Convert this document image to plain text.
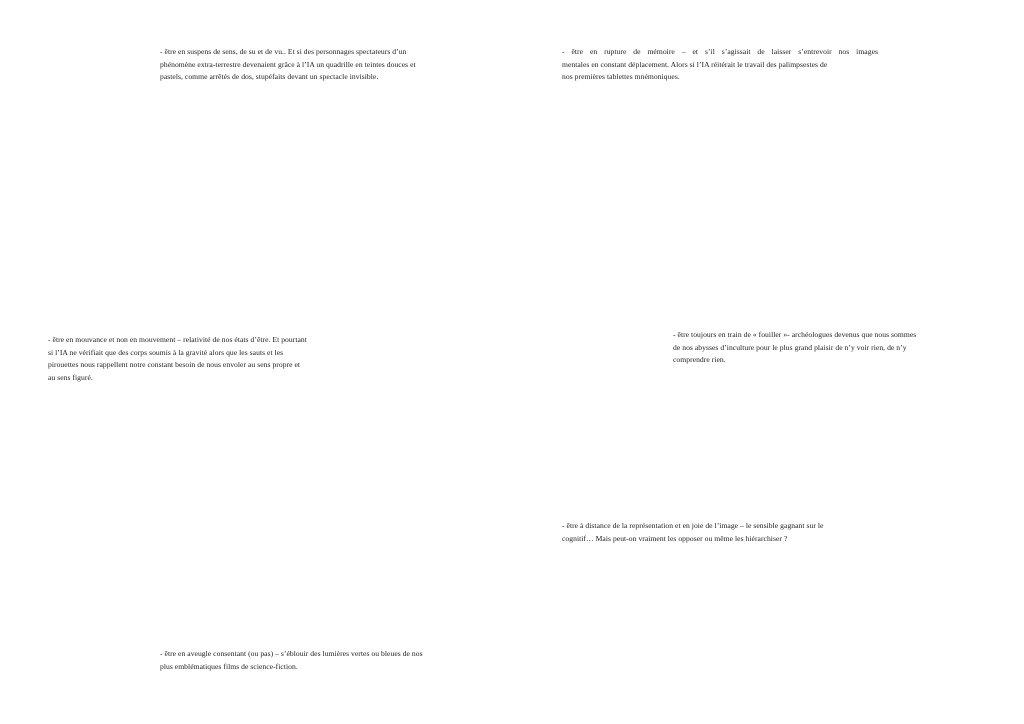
- être en suspens de sens, de su et de vu.. Et si des personnages spectateurs d’un
phénomène extra-terrestre devenaient grâce à l’IA un quadrille en teintes douces et
pastels, comme arrêtés de dos, stupéfaits devant un spectacle invisible.

- être en rupture de mémoire – et s’il s’agissait de laisser s’entrevoir nos images
mentales en constant déplacement. Alors si l’IA réitérait le travail des palimpsestes de
nos premières tablettes mnémoniques.

- être en mouvance et non en mouvement – relativité de nos états d’être. Et pourtant
si l’IA ne vérifiait que des corps soumis à la gravité alors que les sauts et les
pirouettes nous rappellent notre constant besoin de nous envoler au sens propre et
au sens figuré.

- être toujours en train de « fouiller »- archéologues devenus que nous sommes
de nos abysses d’inculture pour le plus grand plaisir de n’y voir rien, de n’y
comprendre rien.

- être à distance de la représentation et en joie de l’image – le sensible gagnant sur le
cognitif… Mais peut-on vraiment les opposer ou même les hiérarchiser ?

- être en aveugle consentant (ou pas) – s’éblouir des lumières vertes ou bleues de nos
plus emblématiques films de science-fiction.
